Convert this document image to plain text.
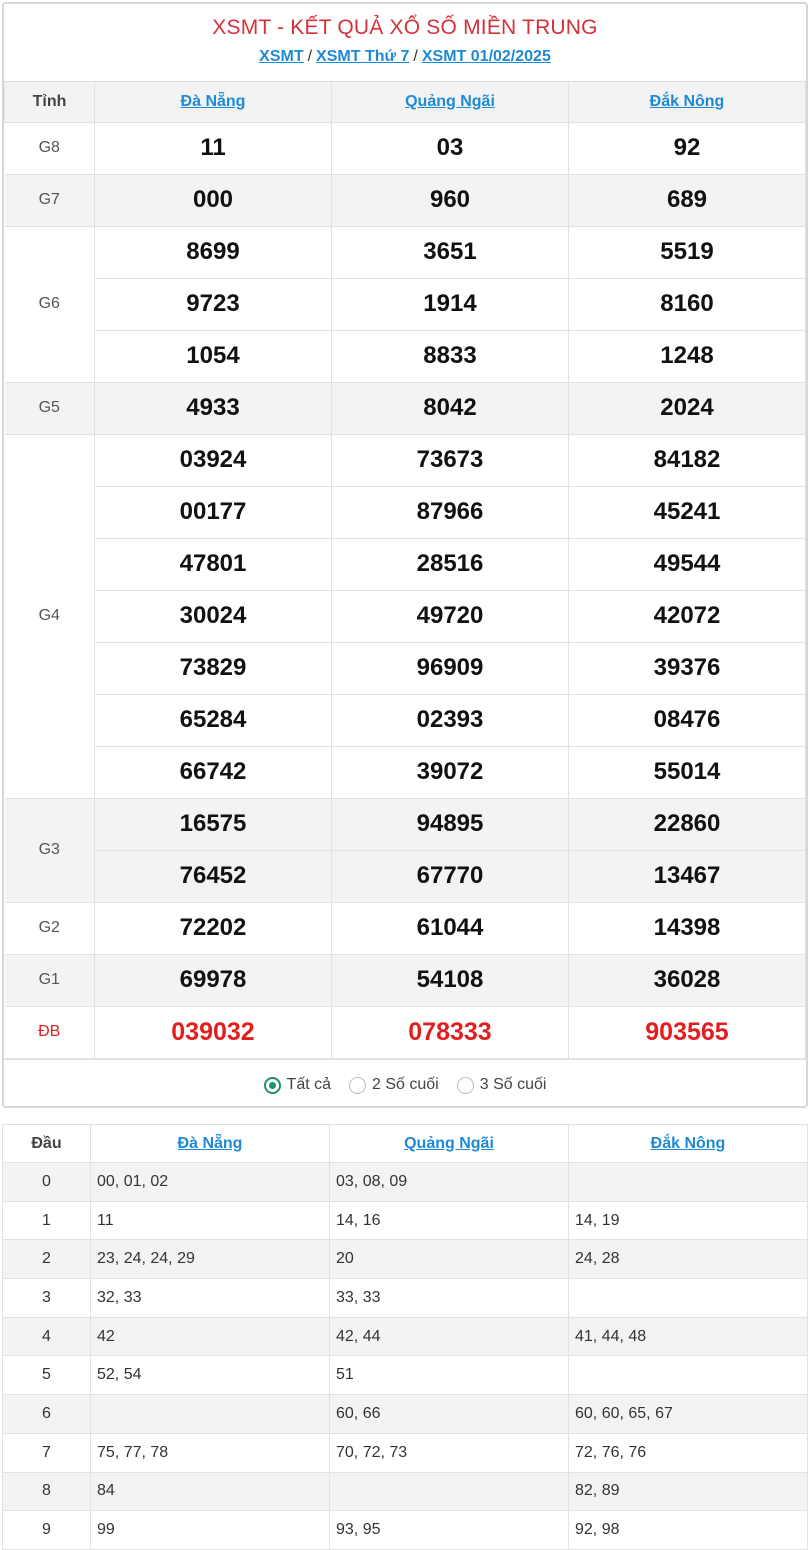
XSMT - KẾT QUẢ XỔ SỐ MIỀN TRUNG
XSMT / XSMT Thứ 7 / XSMT 01/02/2025
Tỉnh	Đà Nẵng	Quảng Ngãi	Đắk Nông
G8	11	03	92
G7	000	960	689
G6	8699	3651	5519
	9723	1914	8160
	1054	8833	1248
G5	4933	8042	2024
G4	03924	73673	84182
	00177	87966	45241
	47801	28516	49544
	30024	49720	42072
	73829	96909	39376
	65284	02393	08476
	66742	39072	55014
G3	16575	94895	22860
	76452	67770	13467
G2	72202	61044	14398
G1	69978	54108	36028
ĐB	039032	078333	903565
Tất cả	2 Số cuối	3 Số cuối
Đầu	Đà Nẵng	Quảng Ngãi	Đắk Nông
0	00, 01, 02	03, 08, 09	
1	11	14, 16	14, 19
2	23, 24, 24, 29	20	24, 28
3	32, 33	33, 33	
4	42	42, 44	41, 44, 48
5	52, 54	51	
6		60, 66	60, 60, 65, 67
7	75, 77, 78	70, 72, 73	72, 76, 76
8	84		82, 89
9	99	93, 95	92, 98
